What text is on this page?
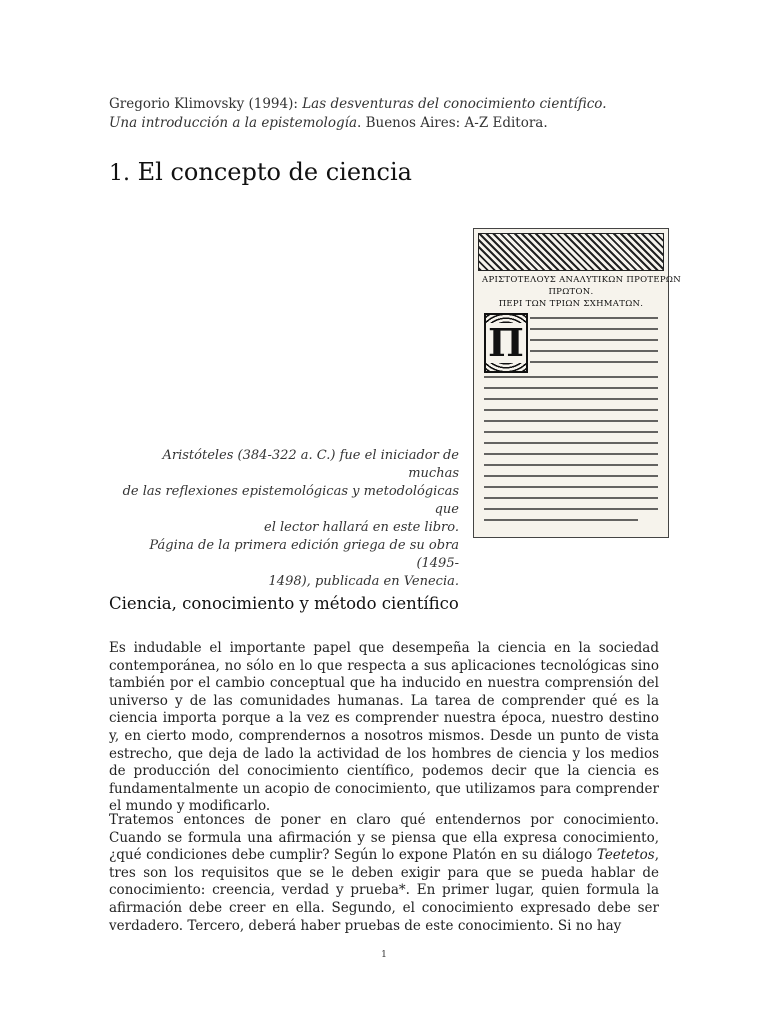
Gregorio Klimovsky (1994): Las desventuras del conocimiento científico.
Una introducción a la epistemología. Buenos Aires: A-Z Editora.
1. El concepto de ciencia
ΑΡΙΣΤΟΤΕΛΟΥΣ ΑΝΑΛΥΤΙΚΩΝ ΠΡΟΤΕΡΩΝ
ΠΡΩΤΟΝ.
ΠΕΡΙ ΤΩΝ ΤΡΙΩΝ ΣΧΗΜΑΤΩΝ.
Π
Aristóteles (384-322 a. C.) fue el iniciador de muchas
de las reflexiones epistemológicas y metodológicas que
el lector hallará en este libro.
Página de la primera edición griega de su obra (1495-
1498), publicada en Venecia.
Ciencia, conocimiento y método científico

Es indudable el importante papel que desempeña la ciencia en la sociedad contemporánea, no sólo en lo que respecta a sus aplicaciones tecnológicas sino también por el cambio conceptual que ha inducido en nuestra comprensión del universo y de las comunidades humanas. La tarea de comprender qué es la ciencia importa porque a la vez es comprender nuestra época, nuestro destino y, en cierto modo, comprendernos a nosotros mismos. Desde un punto de vista estrecho, que deja de lado la actividad de los hombres de ciencia y los medios de producción del conocimiento científico, podemos decir que la ciencia es fundamentalmente un acopio de conocimiento, que utilizamos para comprender el mundo y modificarlo.

Tratemos entonces de poner en claro qué entendernos por conocimiento. Cuando se formula una afirmación y se piensa que ella expresa conocimiento, ¿qué condiciones debe cumplir? Según lo expone Platón en su diálogo Teetetos, tres son los requisitos que se le deben exigir para que se pueda hablar de conocimiento: creencia, verdad y prueba*. En primer lugar, quien formula la afirmación debe creer en ella. Segundo, el conocimiento expresado debe ser verdadero. Tercero, deberá haber pruebas de este conocimiento. Si no hay

1
